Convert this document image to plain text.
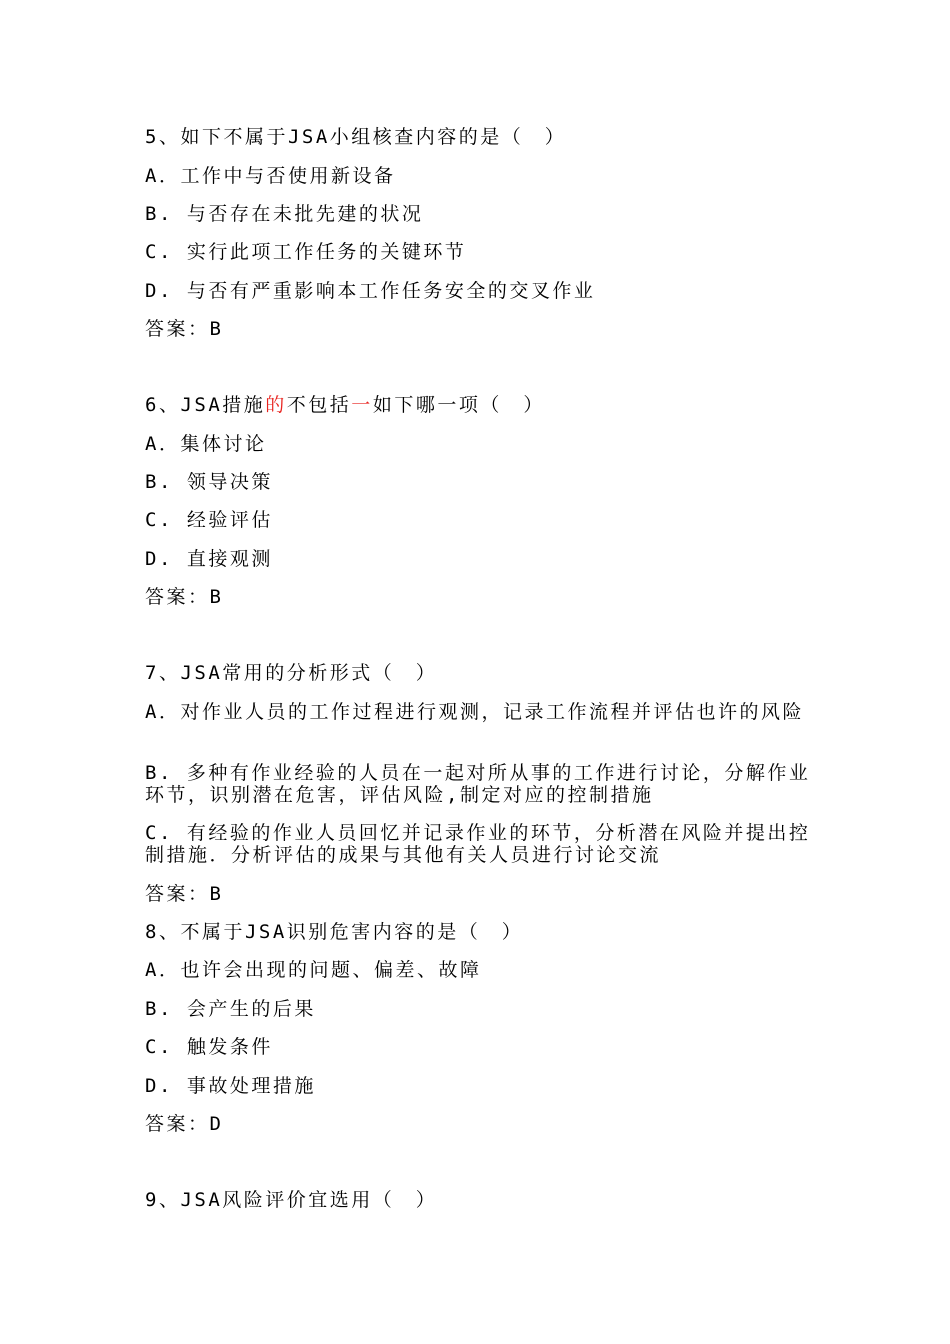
5、如下不属于JSA小组核查内容的是（　）
A．工作中与否使用新设备
B. 与否存在未批先建的状况
C. 实行此项工作任务的关键环节
D. 与否有严重影响本工作任务安全的交叉作业
答案：B
6、JSA措施的不包括一如下哪一项（　）
A．集体讨论
B. 领导决策
C. 经验评估
D. 直接观测
答案：B
7、JSA常用的分析形式（　）
A．对作业人员的工作过程进行观测，记录工作流程并评估也许的风险
B. 多种有作业经验的人员在一起对所从事的工作进行讨论，分解作业环节，识别潜在危害，评估风险,制定对应的控制措施
C. 有经验的作业人员回忆并记录作业的环节，分析潜在风险并提出控制措施．分析评估的成果与其他有关人员进行讨论交流
答案：B
8、不属于JSA识别危害内容的是（　）
A．也许会出现的问题、偏差、故障
B. 会产生的后果
C. 触发条件
D. 事故处理措施
答案：D
9、JSA风险评价宜选用（　）
